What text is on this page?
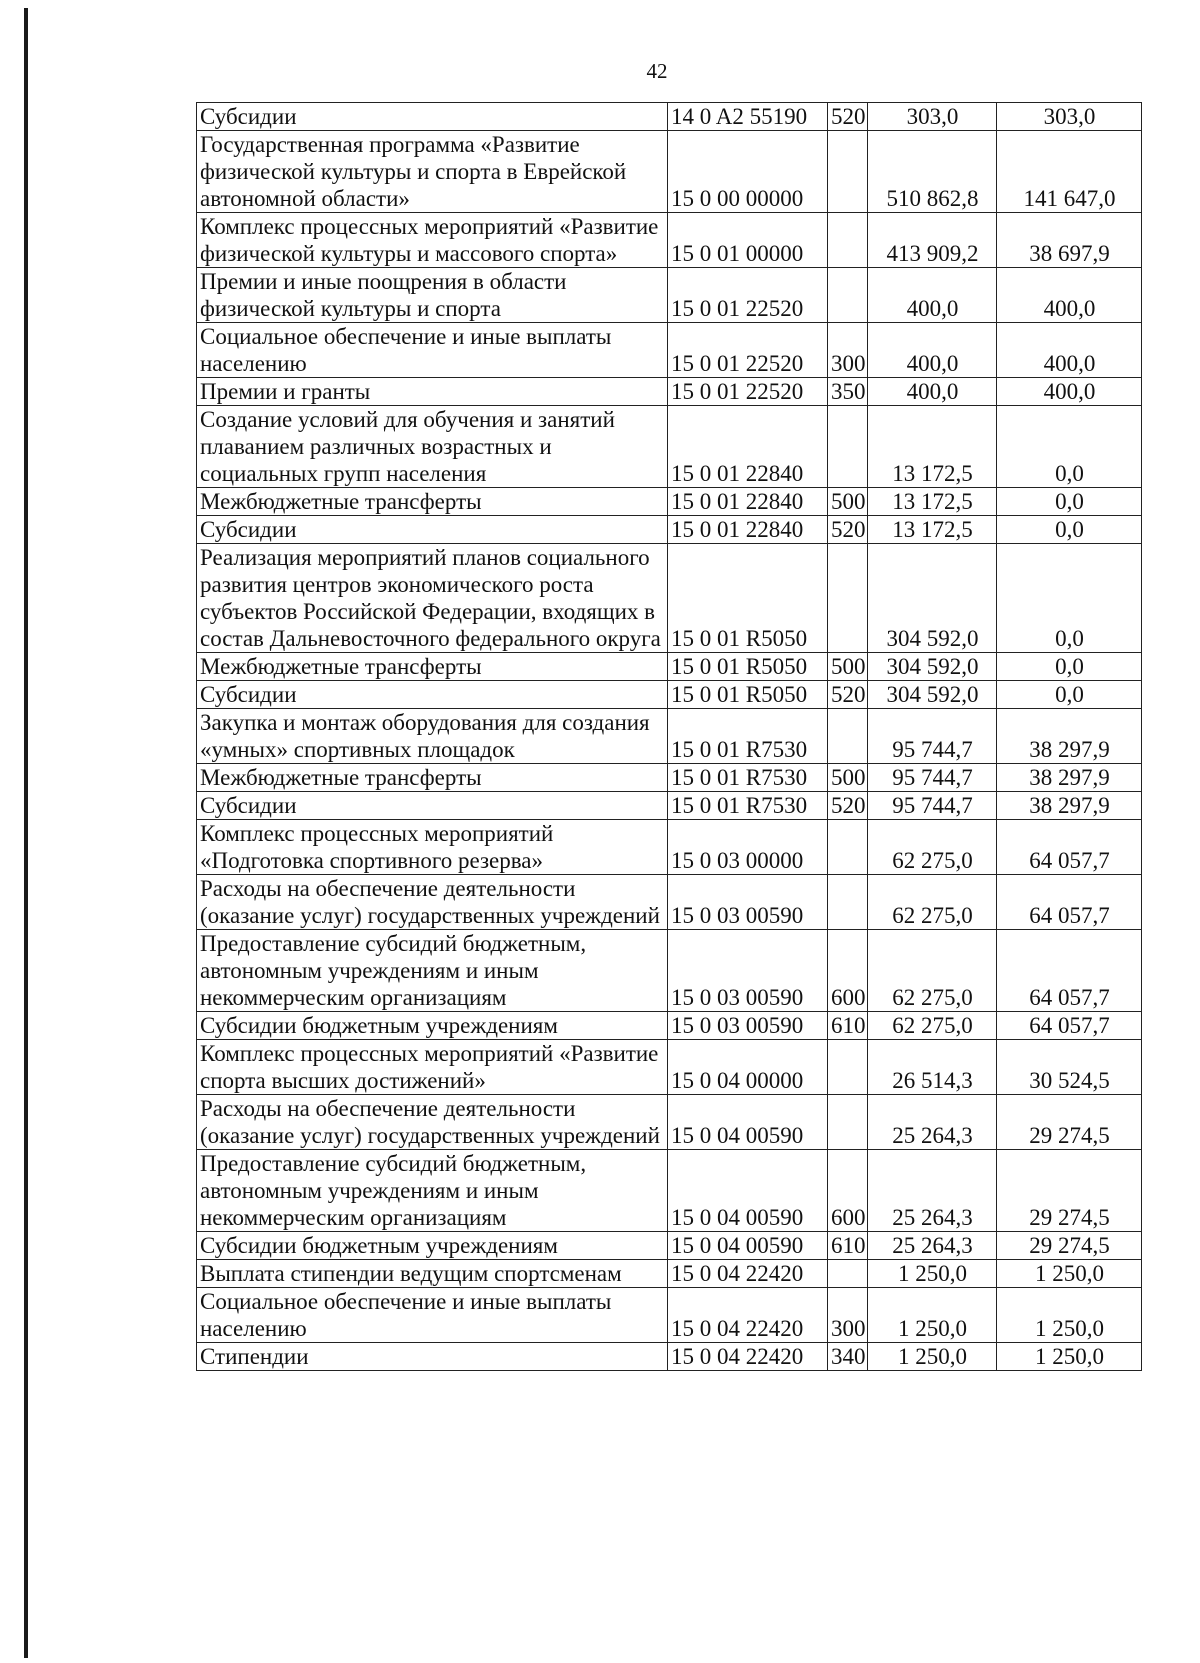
42
Субсидии	14 0 A2 55190	520	303,0	303,0
Государственная программа «Развитие физической культуры и спорта в Еврейской автономной области»	15 0 00 00000		510 862,8	141 647,0
Комплекс процессных мероприятий «Развитие физической культуры и массового спорта»	15 0 01 00000		413 909,2	38 697,9
Премии и иные поощрения в области физической культуры и спорта	15 0 01 22520		400,0	400,0
Социальное обеспечение и иные выплаты населению	15 0 01 22520	300	400,0	400,0
Премии и гранты	15 0 01 22520	350	400,0	400,0
Создание условий для обучения и занятий плаванием различных возрастных и социальных групп населения	15 0 01 22840		13 172,5	0,0
Межбюджетные трансферты	15 0 01 22840	500	13 172,5	0,0
Субсидии	15 0 01 22840	520	13 172,5	0,0
Реализация мероприятий планов социального развития центров экономического роста субъектов Российской Федерации, входящих в состав Дальневосточного федерального округа	15 0 01 R5050		304 592,0	0,0
Межбюджетные трансферты	15 0 01 R5050	500	304 592,0	0,0
Субсидии	15 0 01 R5050	520	304 592,0	0,0
Закупка и монтаж оборудования для создания «умных» спортивных площадок	15 0 01 R7530		95 744,7	38 297,9
Межбюджетные трансферты	15 0 01 R7530	500	95 744,7	38 297,9
Субсидии	15 0 01 R7530	520	95 744,7	38 297,9
Комплекс процессных мероприятий «Подготовка спортивного резерва»	15 0 03 00000		62 275,0	64 057,7
Расходы на обеспечение деятельности (оказание услуг) государственных учреждений	15 0 03 00590		62 275,0	64 057,7
Предоставление субсидий бюджетным, автономным учреждениям и иным некоммерческим организациям	15 0 03 00590	600	62 275,0	64 057,7
Субсидии бюджетным учреждениям	15 0 03 00590	610	62 275,0	64 057,7
Комплекс процессных мероприятий «Развитие спорта высших достижений»	15 0 04 00000		26 514,3	30 524,5
Расходы на обеспечение деятельности (оказание услуг) государственных учреждений	15 0 04 00590		25 264,3	29 274,5
Предоставление субсидий бюджетным, автономным учреждениям и иным некоммерческим организациям	15 0 04 00590	600	25 264,3	29 274,5
Субсидии бюджетным учреждениям	15 0 04 00590	610	25 264,3	29 274,5
Выплата стипендии ведущим спортсменам	15 0 04 22420		1 250,0	1 250,0
Социальное обеспечение и иные выплаты населению	15 0 04 22420	300	1 250,0	1 250,0
Стипендии	15 0 04 22420	340	1 250,0	1 250,0
